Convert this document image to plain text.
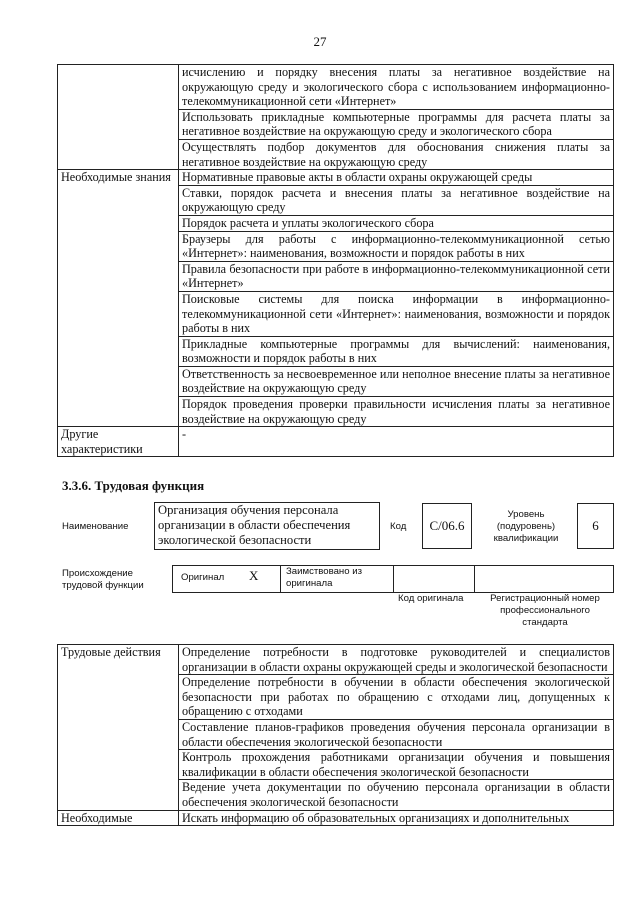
27
	исчислению и порядку внесения платы за негативное воздействие на окружающую среду и экологического сбора с использованием информационно-телекоммуникационной сети «Интернет»
	Использовать прикладные компьютерные программы для расчета платы за негативное воздействие на окружающую среду и экологического сбора
	Осуществлять подбор документов для обоснования снижения платы за негативное воздействие на окружающую среду
Необходимые знания	Нормативные правовые акты в области охраны окружающей среды
	Ставки, порядок расчета и внесения платы за негативное воздействие на окружающую среду
	Порядок расчета и уплаты экологического сбора
	Браузеры для работы с информационно-телекоммуникационной сетью «Интернет»: наименования, возможности и порядок работы в них
	Правила безопасности при работе в информационно-телекоммуникационной сети «Интернет»
	Поисковые системы для поиска информации в информационно-телекоммуникационной сети «Интернет»: наименования, возможности и порядок работы в них
	Прикладные компьютерные программы для вычислений: наименования, возможности и порядок работы в них
	Ответственность за несвоевременное или неполное внесение платы за негативное воздействие на окружающую среду
	Порядок проведения проверки правильности исчисления платы за негативное воздействие на окружающую среду
Другие характеристики	-
3.3.6. Трудовая функция
Наименование
Организация обучения персонала организации в области обеспечения экологической безопасности
Код	С/06.6
Уровень (подуровень) квалификации
6
Происхождение трудовой функции
Оригинал X	Заимствовано из оригинала
Код оригинала	Регистрационный номер профессионального стандарта
Трудовые действия	Определение потребности в подготовке руководителей и специалистов организации в области охраны окружающей среды и экологической безопасности
	Определение потребности в обучении в области обеспечения экологической безопасности при работах по обращению с отходами лиц, допущенных к обращению с отходами
	Составление планов-графиков проведения обучения персонала организации в области обеспечения экологической безопасности
	Контроль прохождения работниками организации обучения и повышения квалификации в области обеспечения экологической безопасности
	Ведение учета документации по обучению персонала организации в области обеспечения экологической безопасности
Необходимые	Искать информацию об образовательных организациях и дополнительных
